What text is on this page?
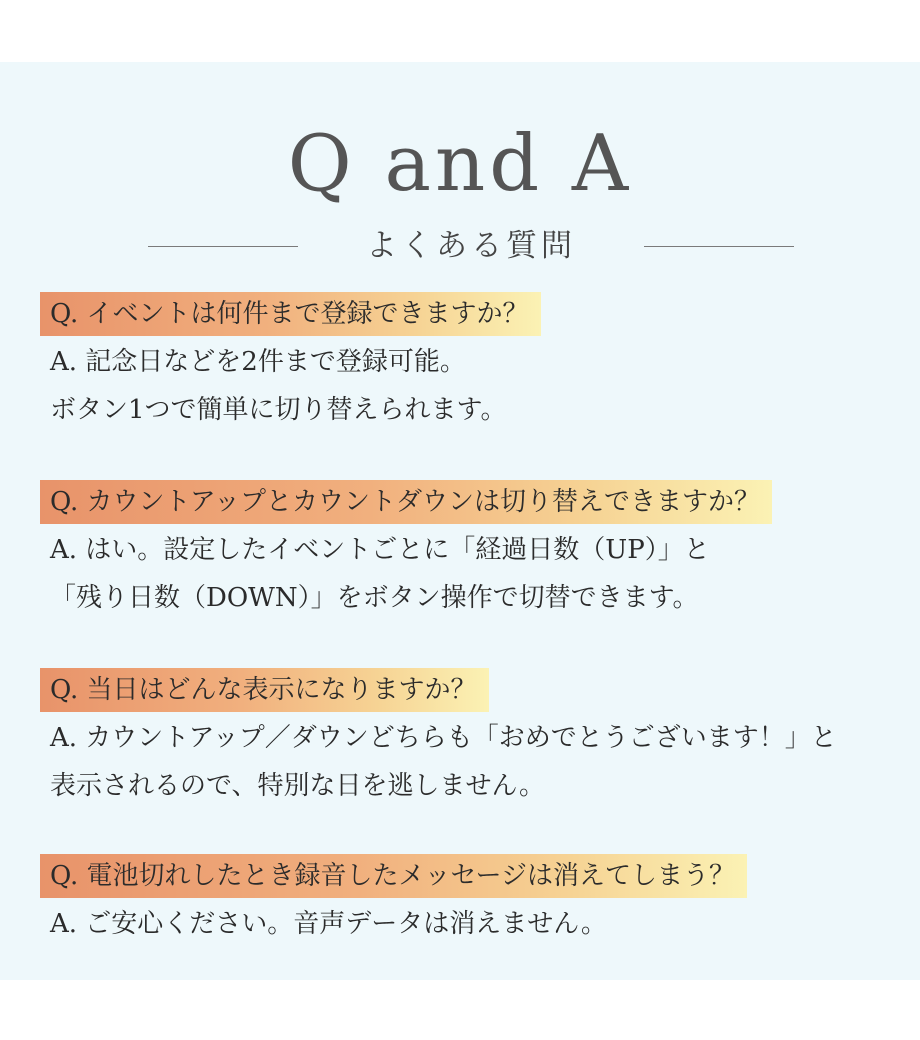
Q and A
よくある質問
Q. イベントは何件まで登録できますか？
A. 記念日などを2件まで登録可能。
ボタン1つで簡単に切り替えられます。
Q. カウントアップとカウントダウンは切り替えできますか？
A. はい。設定したイベントごとに「経過日数（UP）」と
「残り日数（DOWN）」をボタン操作で切替できます。
Q. 当日はどんな表示になりますか？
A. カウントアップ／ダウンどちらも「おめでとうございます！」と
表示されるので、特別な日を逃しません。
Q. 電池切れしたとき録音したメッセージは消えてしまう？
A. ご安心ください。音声データは消えません。
